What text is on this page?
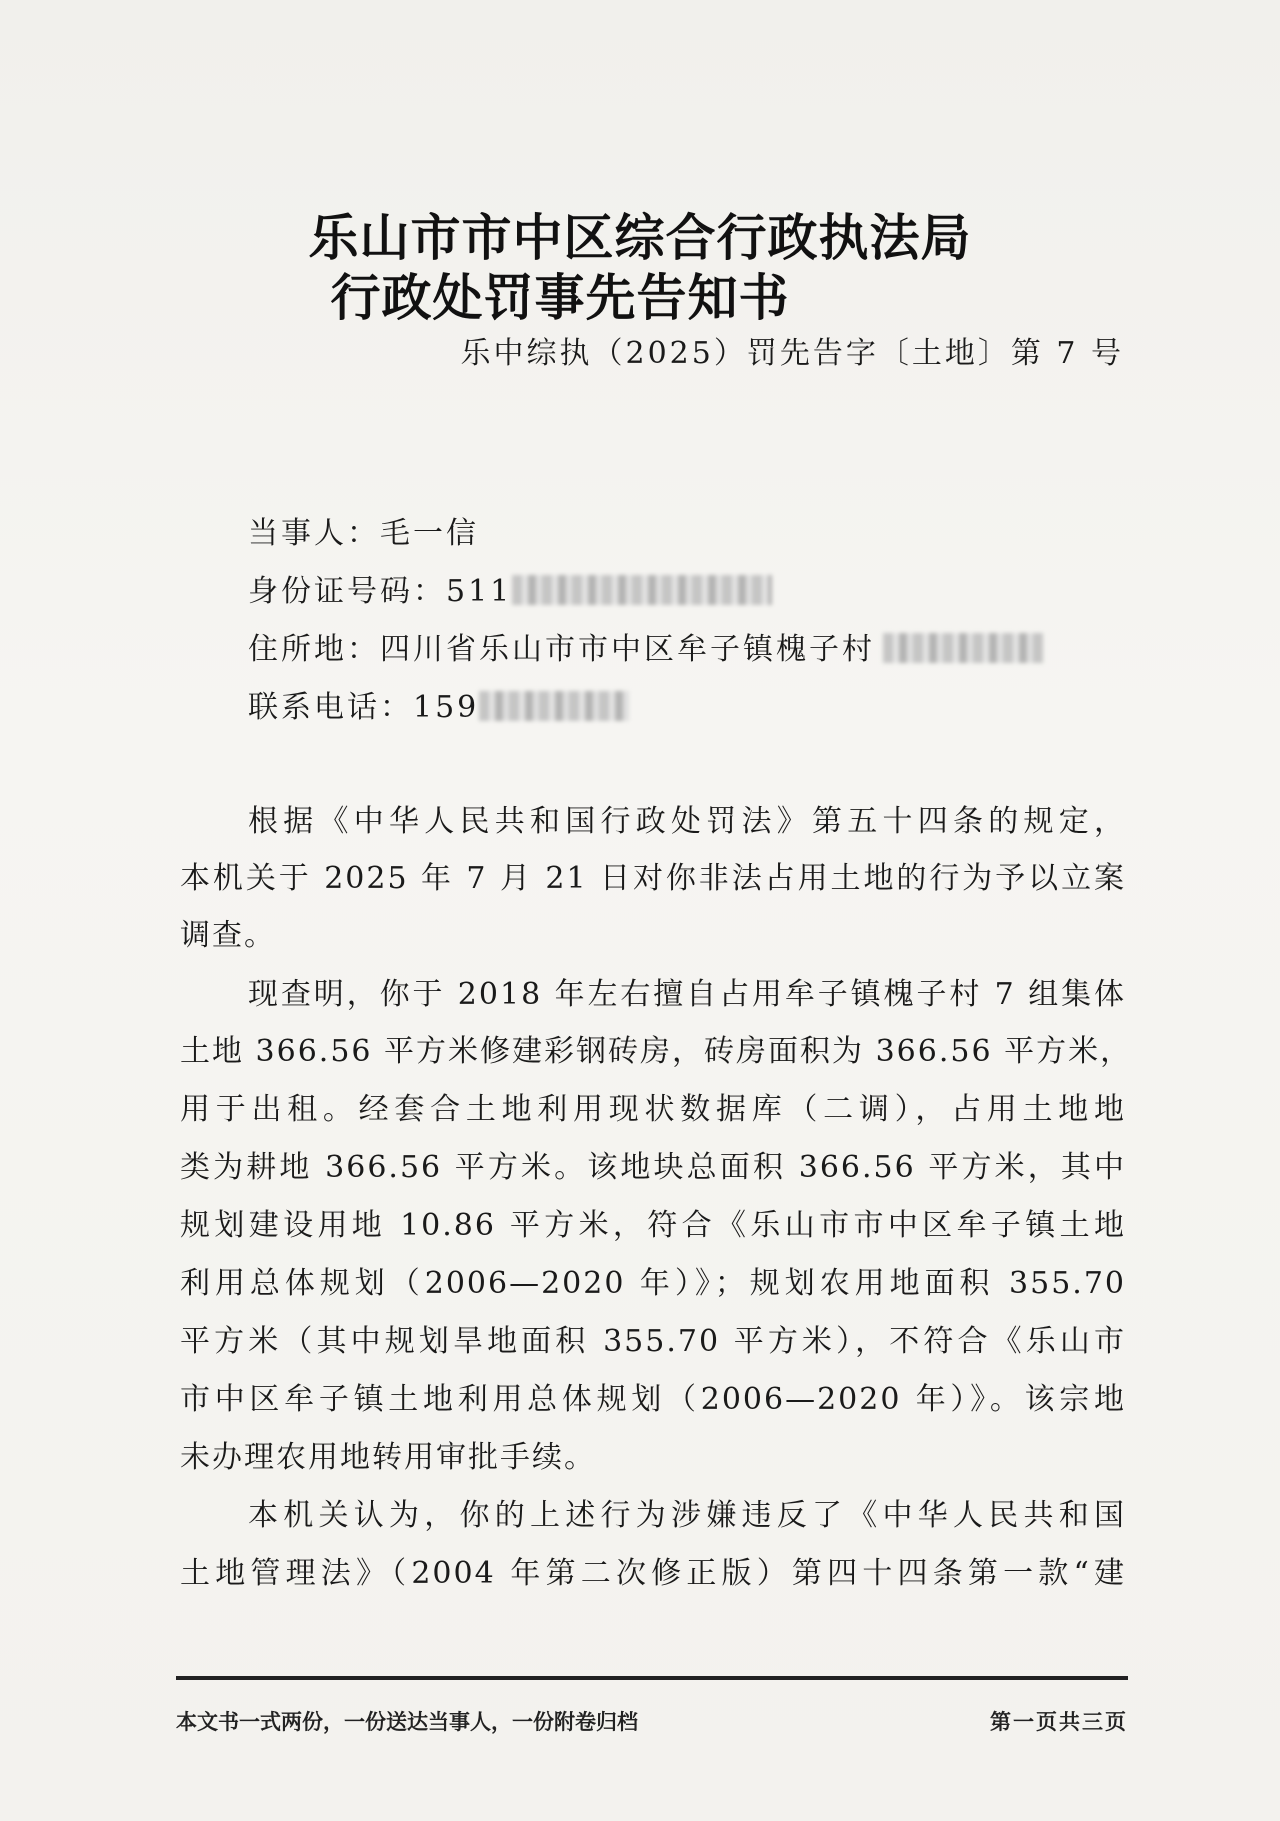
乐山市市中区综合行政执法局
行政处罚事先告知书
乐中综执（2025）罚先告字〔土地〕第 7 号
当事人：毛一信
身份证号码：511
住所地：四川省乐山市市中区牟子镇槐子村
联系电话：159
根据《中华人民共和国行政处罚法》第五十四条的规定，
本机关于 2025 年 7 月 21 日对你非法占用土地的行为予以立案
调查。
现查明，你于 2018 年左右擅自占用牟子镇槐子村 7 组集体
土地 366.56 平方米修建彩钢砖房，砖房面积为 366.56 平方米，
用于出租。经套合土地利用现状数据库（二调），占用土地地
类为耕地 366.56 平方米。该地块总面积 366.56 平方米，其中
规划建设用地 10.86 平方米，符合《乐山市市中区牟子镇土地
利用总体规划（2006—2020 年）》；规划农用地面积 355.70
平方米（其中规划旱地面积 355.70 平方米），不符合《乐山市
市中区牟子镇土地利用总体规划（2006—2020 年）》。该宗地
未办理农用地转用审批手续。
本机关认为，你的上述行为涉嫌违反了《中华人民共和国
土地管理法》（2004 年第二次修正版）第四十四条第一款“建
本文书一式两份，一份送达当事人，一份附卷归档	第一页共三页
